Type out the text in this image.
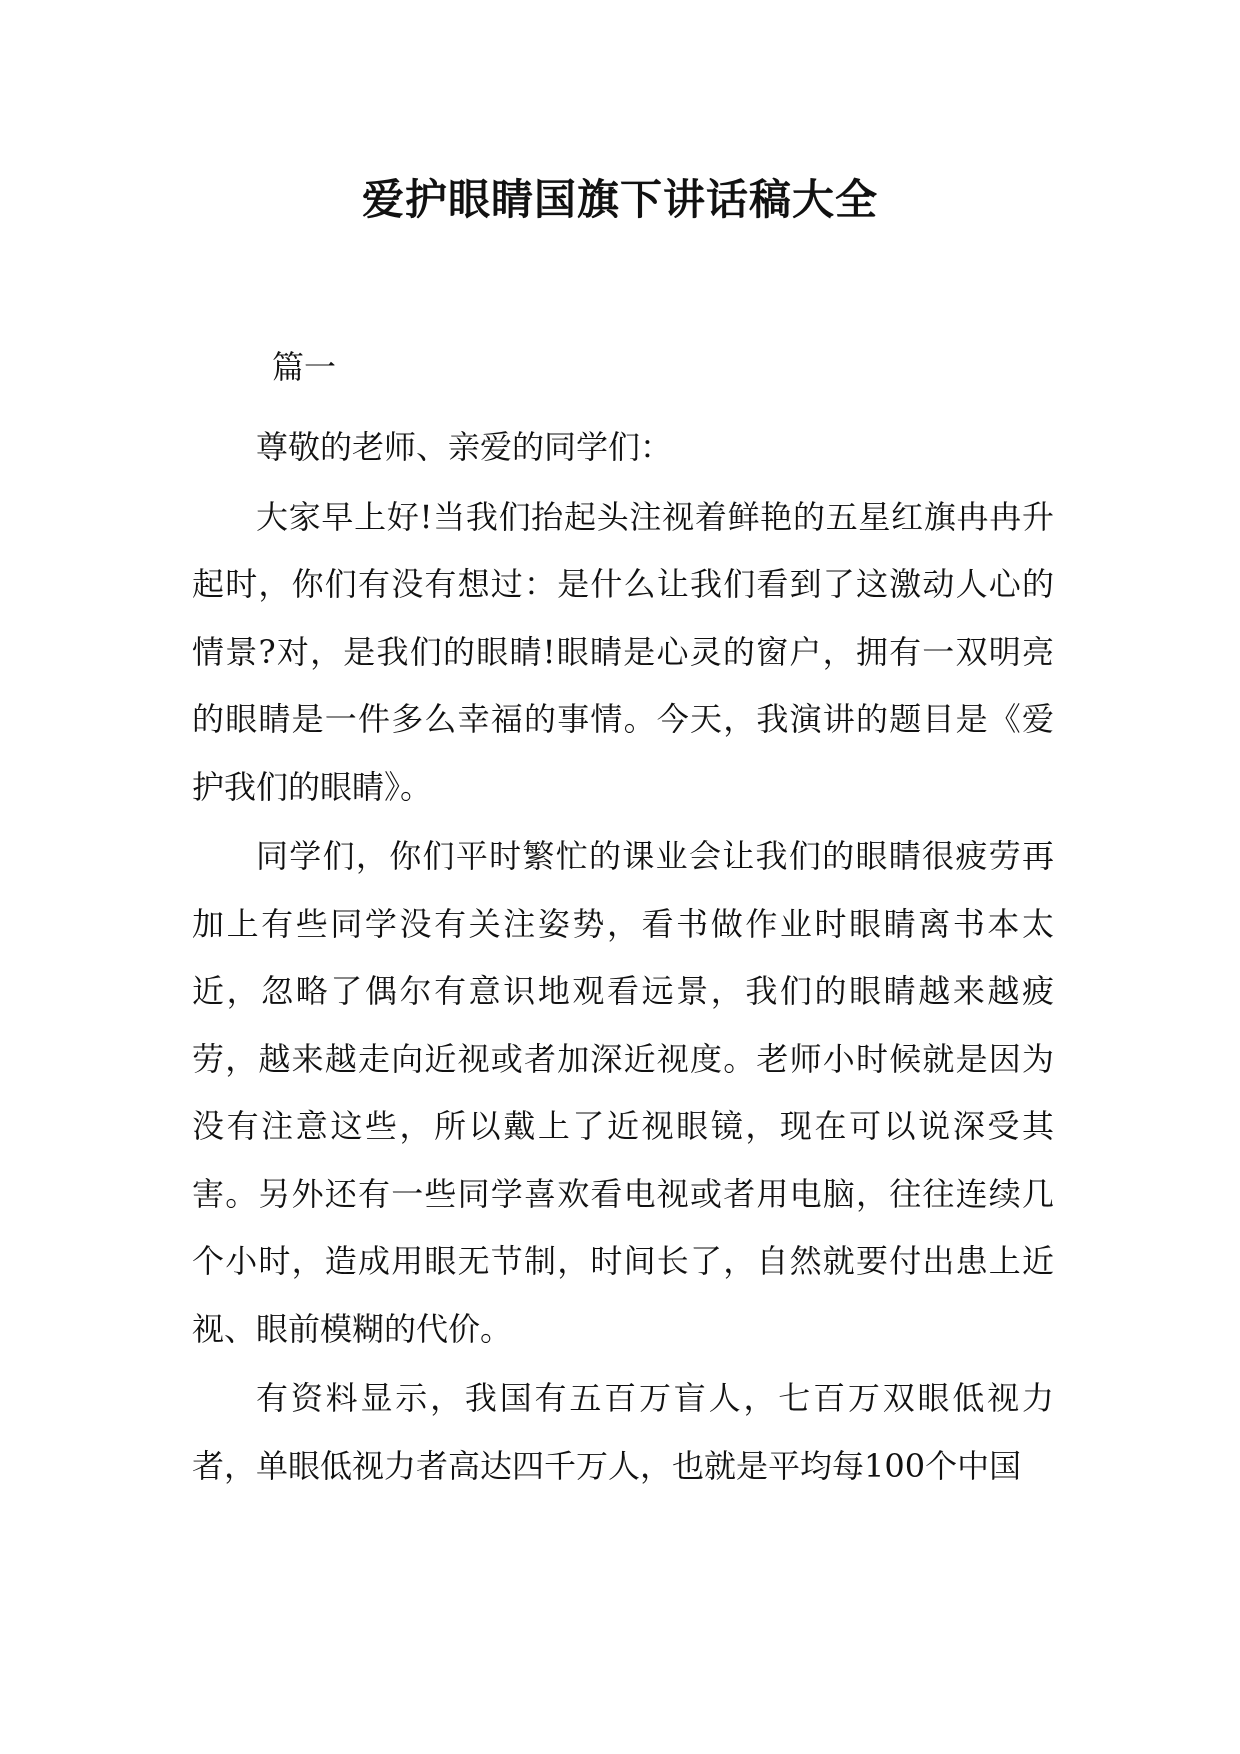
爱护眼睛国旗下讲话稿大全
篇一

尊敬的老师、亲爱的同学们：

大家早上好!当我们抬起头注视着鲜艳的五星红旗冉冉升起时，你们有没有想过：是什么让我们看到了这激动人心的情景?对，是我们的眼睛!眼睛是心灵的窗户，拥有一双明亮的眼睛是一件多么幸福的事情。今天，我演讲的题目是《爱护我们的眼睛》。

同学们，你们平时繁忙的课业会让我们的眼睛很疲劳再加上有些同学没有关注姿势，看书做作业时眼睛离书本太近，忽略了偶尔有意识地观看远景，我们的眼睛越来越疲劳，越来越走向近视或者加深近视度。老师小时候就是因为没有注意这些，所以戴上了近视眼镜，现在可以说深受其害。另外还有一些同学喜欢看电视或者用电脑，往往连续几个小时，造成用眼无节制，时间长了，自然就要付出患上近视、眼前模糊的代价。

有资料显示，我国有五百万盲人，七百万双眼低视力者，单眼低视力者高达四千万人，也就是平均每100个中国
